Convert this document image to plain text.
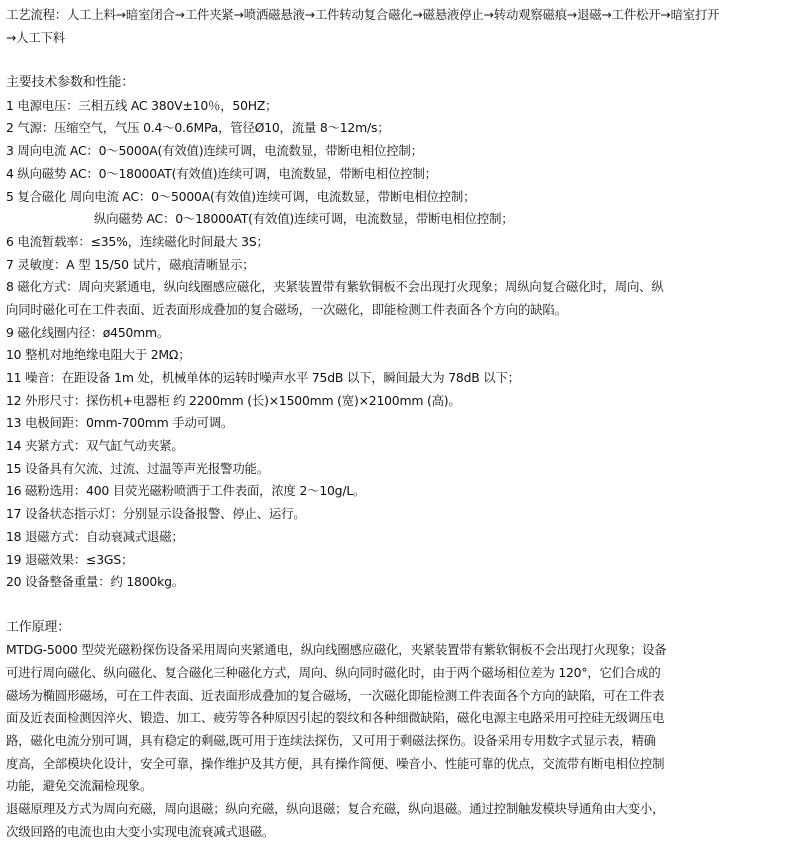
工艺流程：人工上料→暗室闭合→工件夹紧→喷洒磁悬液→工件转动复合磁化→磁悬液停止→转动观察磁痕→退磁→工件松开→暗室打开
→人工下料
主要技术参数和性能：
1 电源电压：三相五线 AC 380V±10％，50HZ；
2 气源：压缩空气，气压 0.4～0.6MPa，管径Ø10，流量 8～12m/s；
3 周向电流 AC：0～5000A(有效值)连续可调，电流数显，带断电相位控制；
4 纵向磁势 AC：0～18000AT(有效值)连续可调，电流数显，带断电相位控制；
5 复合磁化 周向电流 AC：0～5000A(有效值)连续可调，电流数显，带断电相位控制；
纵向磁势 AC：0～18000AT(有效值)连续可调，电流数显，带断电相位控制；
6 电流暂载率：≤35%，连续磁化时间最大 3S；
7 灵敏度：A 型 15/50 试片，磁痕清晰显示；
8 磁化方式：周向夹紧通电，纵向线圈感应磁化，夹紧装置带有紫软铜板不会出现打火现象；周纵向复合磁化时，周向、纵
向同时磁化可在工件表面、近表面形成叠加的复合磁场，一次磁化，即能检测工件表面各个方向的缺陷。
9 磁化线圈内径：ø450mm。
10 整机对地绝缘电阻大于 2MΩ；
11 噪音：在距设备 1m 处，机械单体的运转时噪声水平 75dB 以下，瞬间最大为 78dB 以下；
12 外形尺寸：探伤机+电器柜 约 2200mm (长)×1500mm (宽)×2100mm (高)。
13 电极间距：0mm-700mm 手动可调。
14 夹紧方式：双气缸气动夹紧。
15 设备具有欠流、过流、过温等声光报警功能。
16 磁粉选用：400 目荧光磁粉喷洒于工件表面，浓度 2～10g/L。
17 设备状态指示灯：分别显示设备报警、停止、运行。
18 退磁方式：自动衰减式退磁；
19 退磁效果：≤3GS；
20 设备整备重量：约 1800kg。
工作原理：
MTDG-5000 型荧光磁粉探伤设备采用周向夹紧通电，纵向线圈感应磁化，夹紧装置带有紫软铜板不会出现打火现象；设备
可进行周向磁化、纵向磁化、复合磁化三种磁化方式，周向、纵向同时磁化时，由于两个磁场相位差为 120°，它们合成的
磁场为椭圆形磁场，可在工件表面、近表面形成叠加的复合磁场，一次磁化即能检测工件表面各个方向的缺陷，可在工件表
面及近表面检测因淬火、锻造、加工、疲劳等各种原因引起的裂纹和各种细微缺陷，磁化电源主电路采用可控硅无级调压电
路，磁化电流分别可调，具有稳定的剩磁,既可用于连续法探伤，又可用于剩磁法探伤。设备采用专用数字式显示表，精确
度高，全部模块化设计，安全可靠，操作维护及其方便，具有操作简便、噪音小、性能可靠的优点，交流带有断电相位控制
功能，避免交流漏检现象。
退磁原理及方式为周向充磁，周向退磁；纵向充磁，纵向退磁；复合充磁，纵向退磁。通过控制触发模块导通角由大变小，
次级回路的电流也由大变小实现电流衰减式退磁。
